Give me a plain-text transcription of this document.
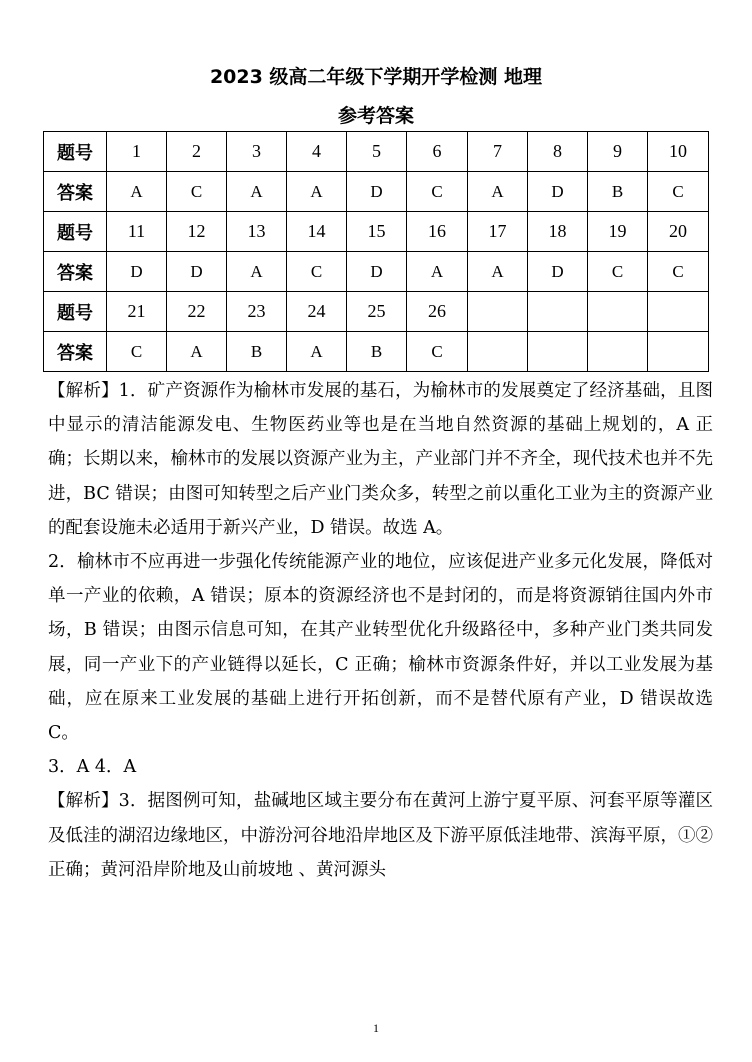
2023 级高二年级下学期开学检测 地理
参考答案
题号	1	2	3	4	5	6	7	8	9	10
答案	A	C	A	A	D	C	A	D	B	C
题号	11	12	13	14	15	16	17	18	19	20
答案	D	D	A	C	D	A	A	D	C	C
题号	21	22	23	24	25	26				
答案	C	A	B	A	B	C				

【解析】1．矿产资源作为榆林市发展的基石，为榆林市的发展奠定了经济基础，且图中显示的清洁能源发电、生物医药业等也是在当地自然资源的基础上规划的，A 正确；长期以来，榆林市的发展以资源产业为主，产业部门并不齐全，现代技术也并不先进，BC 错误；由图可知转型之后产业门类众多，转型之前以重化工业为主的资源产业的配套设施未必适用于新兴产业，D 错误。故选 A。

2．榆林市不应再进一步强化传统能源产业的地位，应该促进产业多元化发展，降低对单一产业的依赖，A 错误；原本的资源经济也不是封闭的，而是将资源销往国内外市场，B 错误；由图示信息可知，在其产业转型优化升级路径中，多种产业门类共同发展，同一产业下的产业链得以延长，C 正确；榆林市资源条件好，并以工业发展为基础，应在原来工业发展的基础上进行开拓创新，而不是替代原有产业，D 错误故选 C。

3．A 4．A

【解析】3．据图例可知，盐碱地区域主要分布在黄河上游宁夏平原、河套平原等灌区及低洼的湖沼边缘地区，中游汾河谷地沿岸地区及下游平原低洼地带、滨海平原，①②正确；黄河沿岸阶地及山前坡地 、黄河源头

1
